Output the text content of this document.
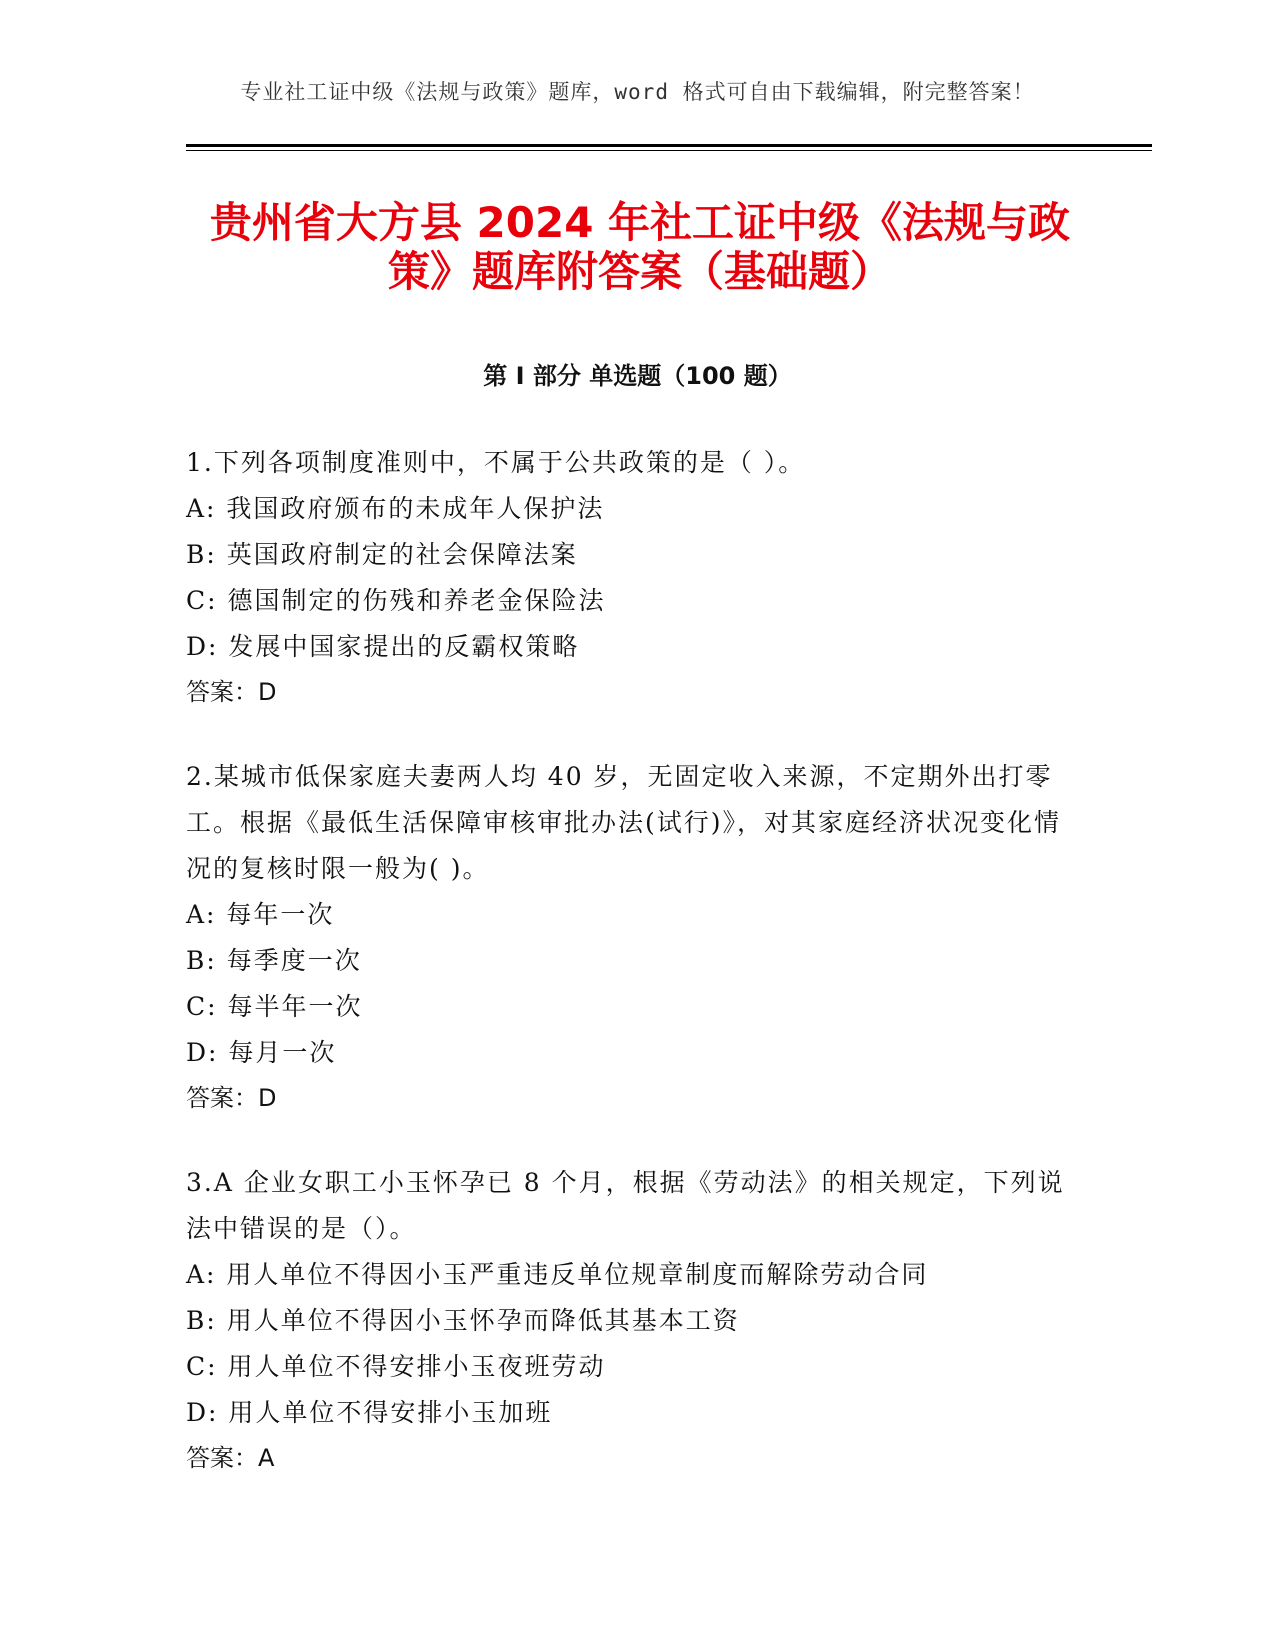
专业社工证中级《法规与政策》题库，word 格式可自由下载编辑，附完整答案！
贵州省大方县 2024 年社工证中级《法规与政
策》题库附答案（基础题）
第 I 部分 单选题（100 题）

1.下列各项制度准则中，不属于公共政策的是（ ）。

A: 我国政府颁布的未成年人保护法

B: 英国政府制定的社会保障法案

C: 德国制定的伤残和养老金保险法

D: 发展中国家提出的反霸权策略

答案：D

2.某城市低保家庭夫妻两人均 40 岁，无固定收入来源，不定期外出打零工。根据《最低生活保障审核审批办法(试行)》，对其家庭经济状况变化情况的复核时限一般为( )。

A: 每年一次

B: 每季度一次

C: 每半年一次

D: 每月一次

答案：D

3.A 企业女职工小玉怀孕已 8 个月，根据《劳动法》的相关规定，下列说法中错误的是（）。

A: 用人单位不得因小玉严重违反单位规章制度而解除劳动合同

B: 用人单位不得因小玉怀孕而降低其基本工资

C: 用人单位不得安排小玉夜班劳动

D: 用人单位不得安排小玉加班

答案：A
